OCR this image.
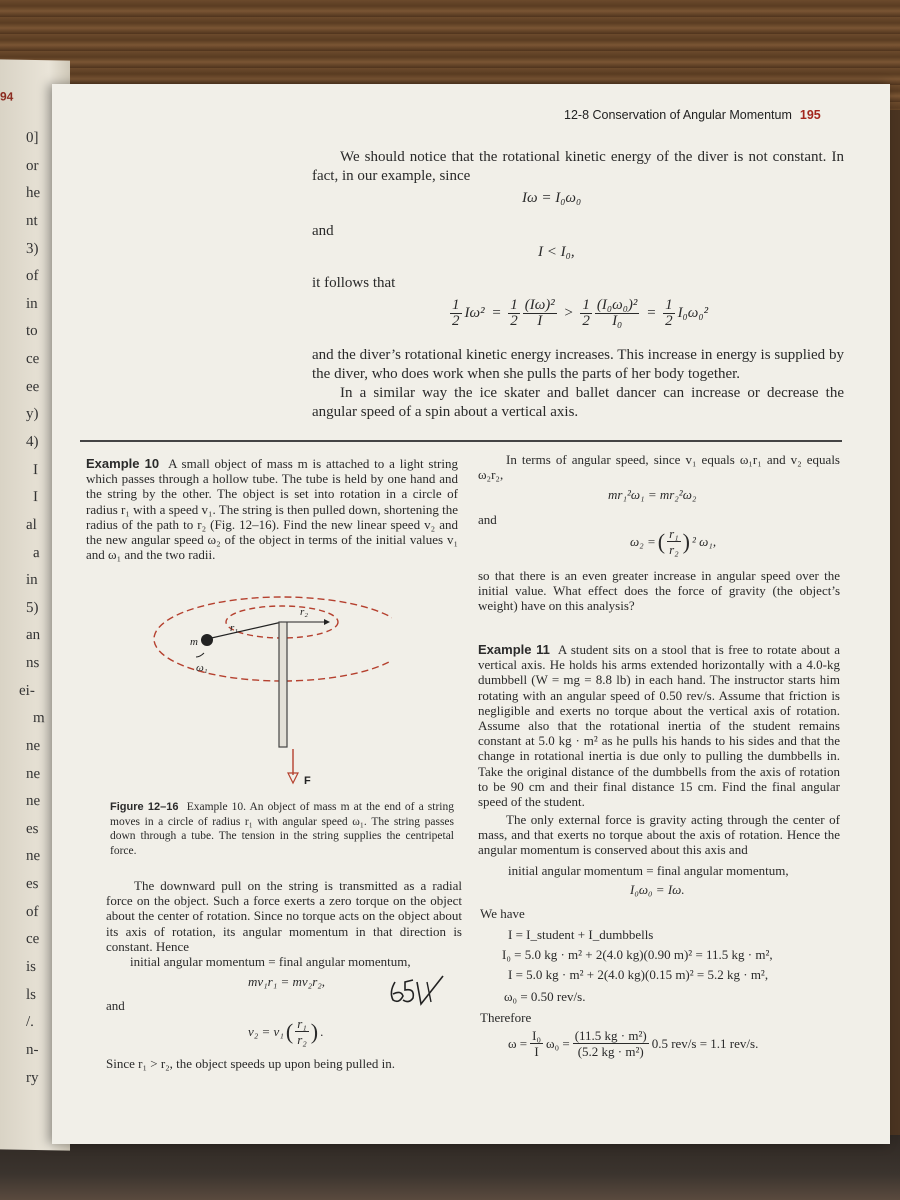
94
0]
or
he
nt
3)
of
in
to
ce
ee
y)
4)
I
I
al
a
in
5)
an
ns
ei-
m
ne
ne
ne
es
ne
es
of
ce
is
ls
/.
n-
ry
12-8 Conservation of Angular Momentum 195
We should notice that the rotational kinetic energy of the diver is not constant. In fact, in our example, since
Iω = I₀ω₀
and
I < I₀,
it follows that
$\frac{1}{2} I\omega^2 = \frac{1}{2} \frac{\text{(Iω)²}}{I} > \frac{1}{2} \frac{\text{(I₀ω₀)²}}{\text{I₀}} = \frac{1}{2} I_0\omega_0^2$
and the diver’s rotational kinetic energy increases. This increase in energy is supplied by the diver, who does work when she pulls the parts of her body together.
In a similar way the ice skater and ballet dancer can increase or decrease the angular speed of a spin about a vertical axis.
Example 10 A small object of mass m is attached to a light string which passes through a hollow tube. The tube is held by one hand and the string by the other. The object is set into rotation in a circle of radius r₁ with a speed v₁. The string is then pulled down, shortening the radius of the path to r₂ (Fig. 12–16). Find the new linear speed v₂ and the new angular speed ω₂ of the object in terms of the initial values v₁ and ω₁ and the two radii.
r₁
r₂
m
ω₁
F
Figure 12–16 Example 10. An object of mass m at the end of a string moves in a circle of radius r₁ with angular speed ω₁. The string passes down through a tube. The tension in the string supplies the centripetal force.
The downward pull on the string is transmitted as a radial force on the object. Such a force exerts a zero torque on the object about the center of rotation. Since no torque acts on the object about its axis of rotation, its angular momentum in that direction is constant. Hence
initial angular momentum = final angular momentum,
mv₁r₁ = mv₂r₂,
and
v₂ = v₁ ( $\frac{\text{r₁}}{\text{r₂}}$ ) .
Since r₁ > r₂, the object speeds up upon being pulled in.
In terms of angular speed, since v₁ equals ω₁r₁ and v₂ equals ω₂r₂,
mr₁²ω₁ = mr₂²ω₂
and
ω₂ = ( $\frac{\text{r₁}}{\text{r₂}}$ ) ² ω₁,
so that there is an even greater increase in angular speed over the initial value. What effect does the force of gravity (the object’s weight) have on this analysis?
Example 11 A student sits on a stool that is free to rotate about a vertical axis. He holds his arms extended horizontally with a 4.0-kg dumbbell (W = mg = 8.8 lb) in each hand. The instructor starts him rotating with an angular speed of 0.50 rev/s. Assume that friction is negligible and exerts no torque about the vertical axis of rotation. Assume also that the rotational inertia of the student remains constant at 5.0 kg · m² as he pulls his hands to his sides and that the change in rotational inertia is due only to pulling the dumbbells in. Take the original distance of the dumbbells from the axis of rotation to be 90 cm and their final distance 15 cm. Find the final angular speed of the student.
The only external force is gravity acting through the center of mass, and that exerts no torque about the axis of rotation. Hence the angular momentum is conserved about this axis and
initial angular momentum = final angular momentum,
I₀ω₀ = Iω.
We have
I = I_student + I_dumbbells
I₀ = 5.0 kg · m² + 2(4.0 kg)(0.90 m)² = 11.5 kg · m²,
I = 5.0 kg · m² + 2(4.0 kg)(0.15 m)² = 5.2 kg · m²,
ω₀ = 0.50 rev/s.
Therefore
$\omega = \frac{\text{I₀}}{I} \omega_0 = \frac{\text{(11.5 kg · m²)}}{\text{(5.2 kg · m²)}} 0.5$ rev/s = 1.1 rev/s.
